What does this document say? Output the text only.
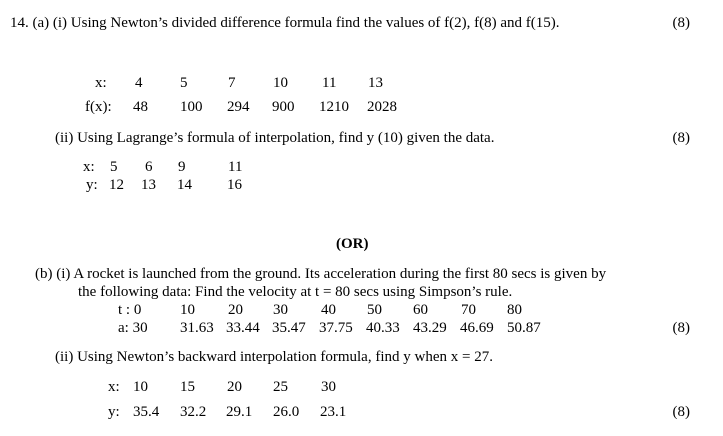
14. (a) (i) Using Newton’s divided difference formula find the values of f(2), f(8) and f(15).	(8)
x: 4	5	7	10 11 13
f(x): 48 100 294 900 1210 2028
(ii) Using Lagrange’s formula of interpolation, find y (10) given the data.	(8)
x: 5 6 9	11
y: 12 13 14 16
(OR)
(b) (i) A rocket is launched from the ground. Its acceleration during the first 80 secs is given by
the following data: Find the velocity at t = 80 secs using Simpson’s rule.
t : 0	10 20 30 40 50 60 70 80
a: 30 31.63 33.44 35.47 37.75 40.33 43.29 46.69 50.87	(8)
(ii) Using Newton’s backward interpolation formula, find y when x = 27.
x: 10 15 20 25 30
y: 35.4 32.2 29.1 26.0 23.1	(8)
